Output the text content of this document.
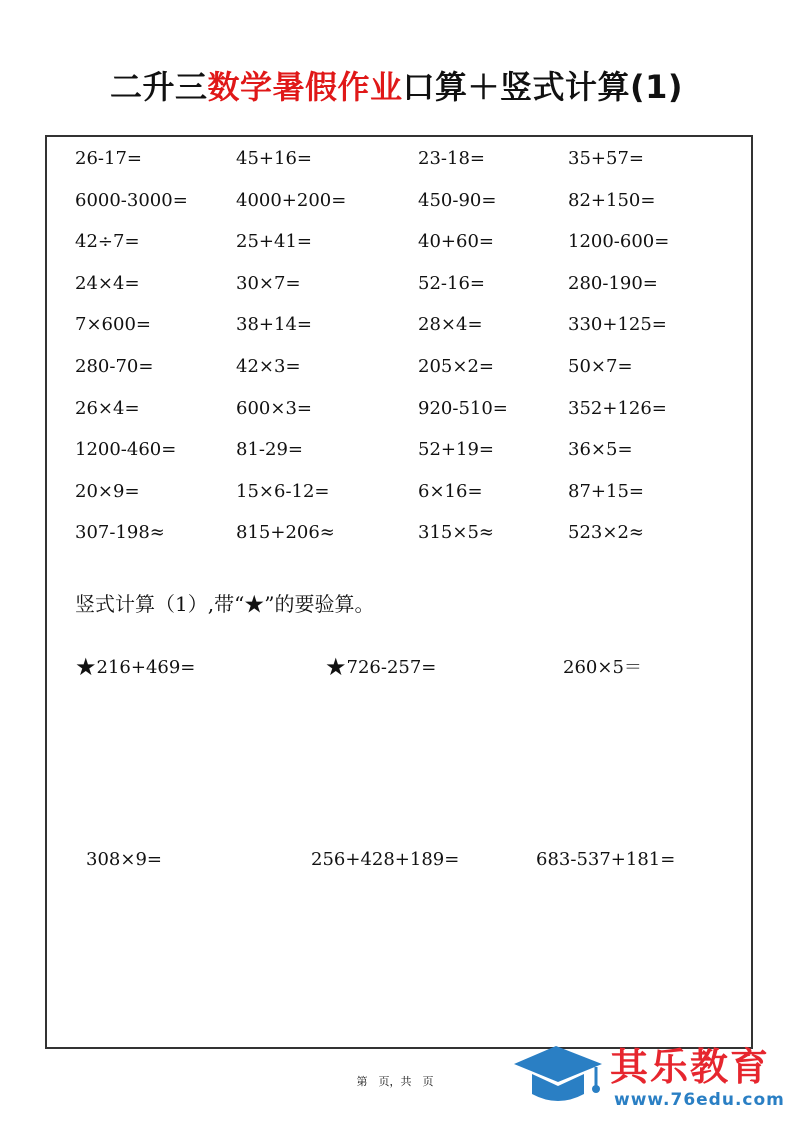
二升三数学暑假作业口算＋竖式计算(1)
26-17=	45+16=	23-18=	35+57=
6000-3000=	4000+200=	450-90=	82+150=
42÷7=	25+41=	40+60=	1200-600=
24×4=	30×7=	52-16=	280-190=
7×600=	38+14=	28×4=	330+125=
280-70=	42×3=	205×2=	50×7=
26×4=	600×3=	920-510=	352+126=
1200-460=	81-29=	52+19=	36×5=
20×9=	15×6-12=	6×16=	87+15=
307-198≈	815+206≈	315×5≈	523×2≈
竖式计算（1）,带“★”的要验算。
★216+469=	★726-257=	260×5＝
308×9=	256+428+189=	683-537+181=
第　页，共　页	其乐教育
www.76edu.com
